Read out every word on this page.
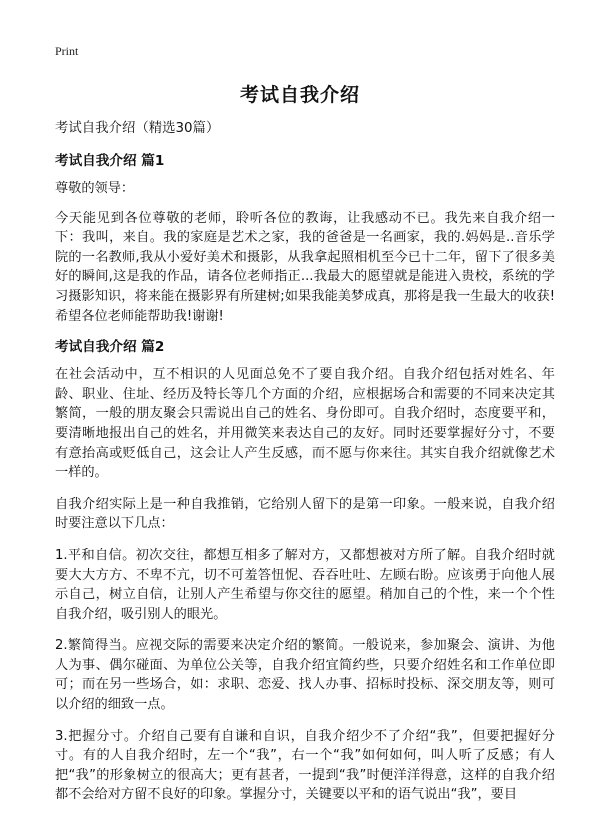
Print
考试自我介绍
考试自我介绍（精选30篇）
考试自我介绍 篇1
尊敬的领导：
今天能见到各位尊敬的老师，聆听各位的教诲，让我感动不已。我先来自我介绍一下：我叫，来自。我的家庭是艺术之家，我的爸爸是一名画家，我的.妈妈是..音乐学院的一名教师,我从小爱好美术和摄影，从我拿起照相机至今已十二年，留下了很多美好的瞬间,这是我的作品，请各位老师指正...我最大的愿望就是能进入贵校，系统的学习摄影知识，将来能在摄影界有所建树;如果我能美梦成真，那将是我一生最大的收获!希望各位老师能帮助我!谢谢!
考试自我介绍 篇2
在社会活动中，互不相识的人见面总免不了要自我介绍。自我介绍包括对姓名、年龄、职业、住址、经历及特长等几个方面的介绍，应根据场合和需要的不同来决定其繁简，一般的朋友聚会只需说出自己的姓名、身份即可。自我介绍时，态度要平和，要清晰地报出自己的姓名，并用微笑来表达自己的友好。同时还要掌握好分寸，不要有意抬高或贬低自己，这会让人产生反感，而不愿与你来往。其实自我介绍就像艺术一样的。
自我介绍实际上是一种自我推销，它给别人留下的是第一印象。一般来说，自我介绍时要注意以下几点：
1.平和自信。初次交往，都想互相多了解对方，又都想被对方所了解。自我介绍时就要大大方方、不卑不亢，切不可羞答忸怩、吞吞吐吐、左顾右盼。应该勇于向他人展示自己，树立自信，让别人产生希望与你交往的愿望。稍加自己的个性，来一个个性自我介绍，吸引别人的眼光。
2.繁简得当。应视交际的需要来决定介绍的繁简。一般说来，参加聚会、演讲、为他人为事、偶尔碰面、为单位公关等，自我介绍宜简约些，只要介绍姓名和工作单位即可；而在另一些场合，如：求职、恋爱、找人办事、招标时投标、深交朋友等，则可以介绍的细致一点。
3.把握分寸。介绍自己要有自谦和自识，自我介绍少不了介绍“我”，但要把握好分寸。有的人自我介绍时，左一个“我”，右一个“我”如何如何，叫人听了反感；有人把“我”的形象树立的很高大；更有甚者，一提到“我”时便洋洋得意，这样的自我介绍都不会给对方留不良好的印象。掌握分寸，关键要以平和的语气说出“我”，要目
